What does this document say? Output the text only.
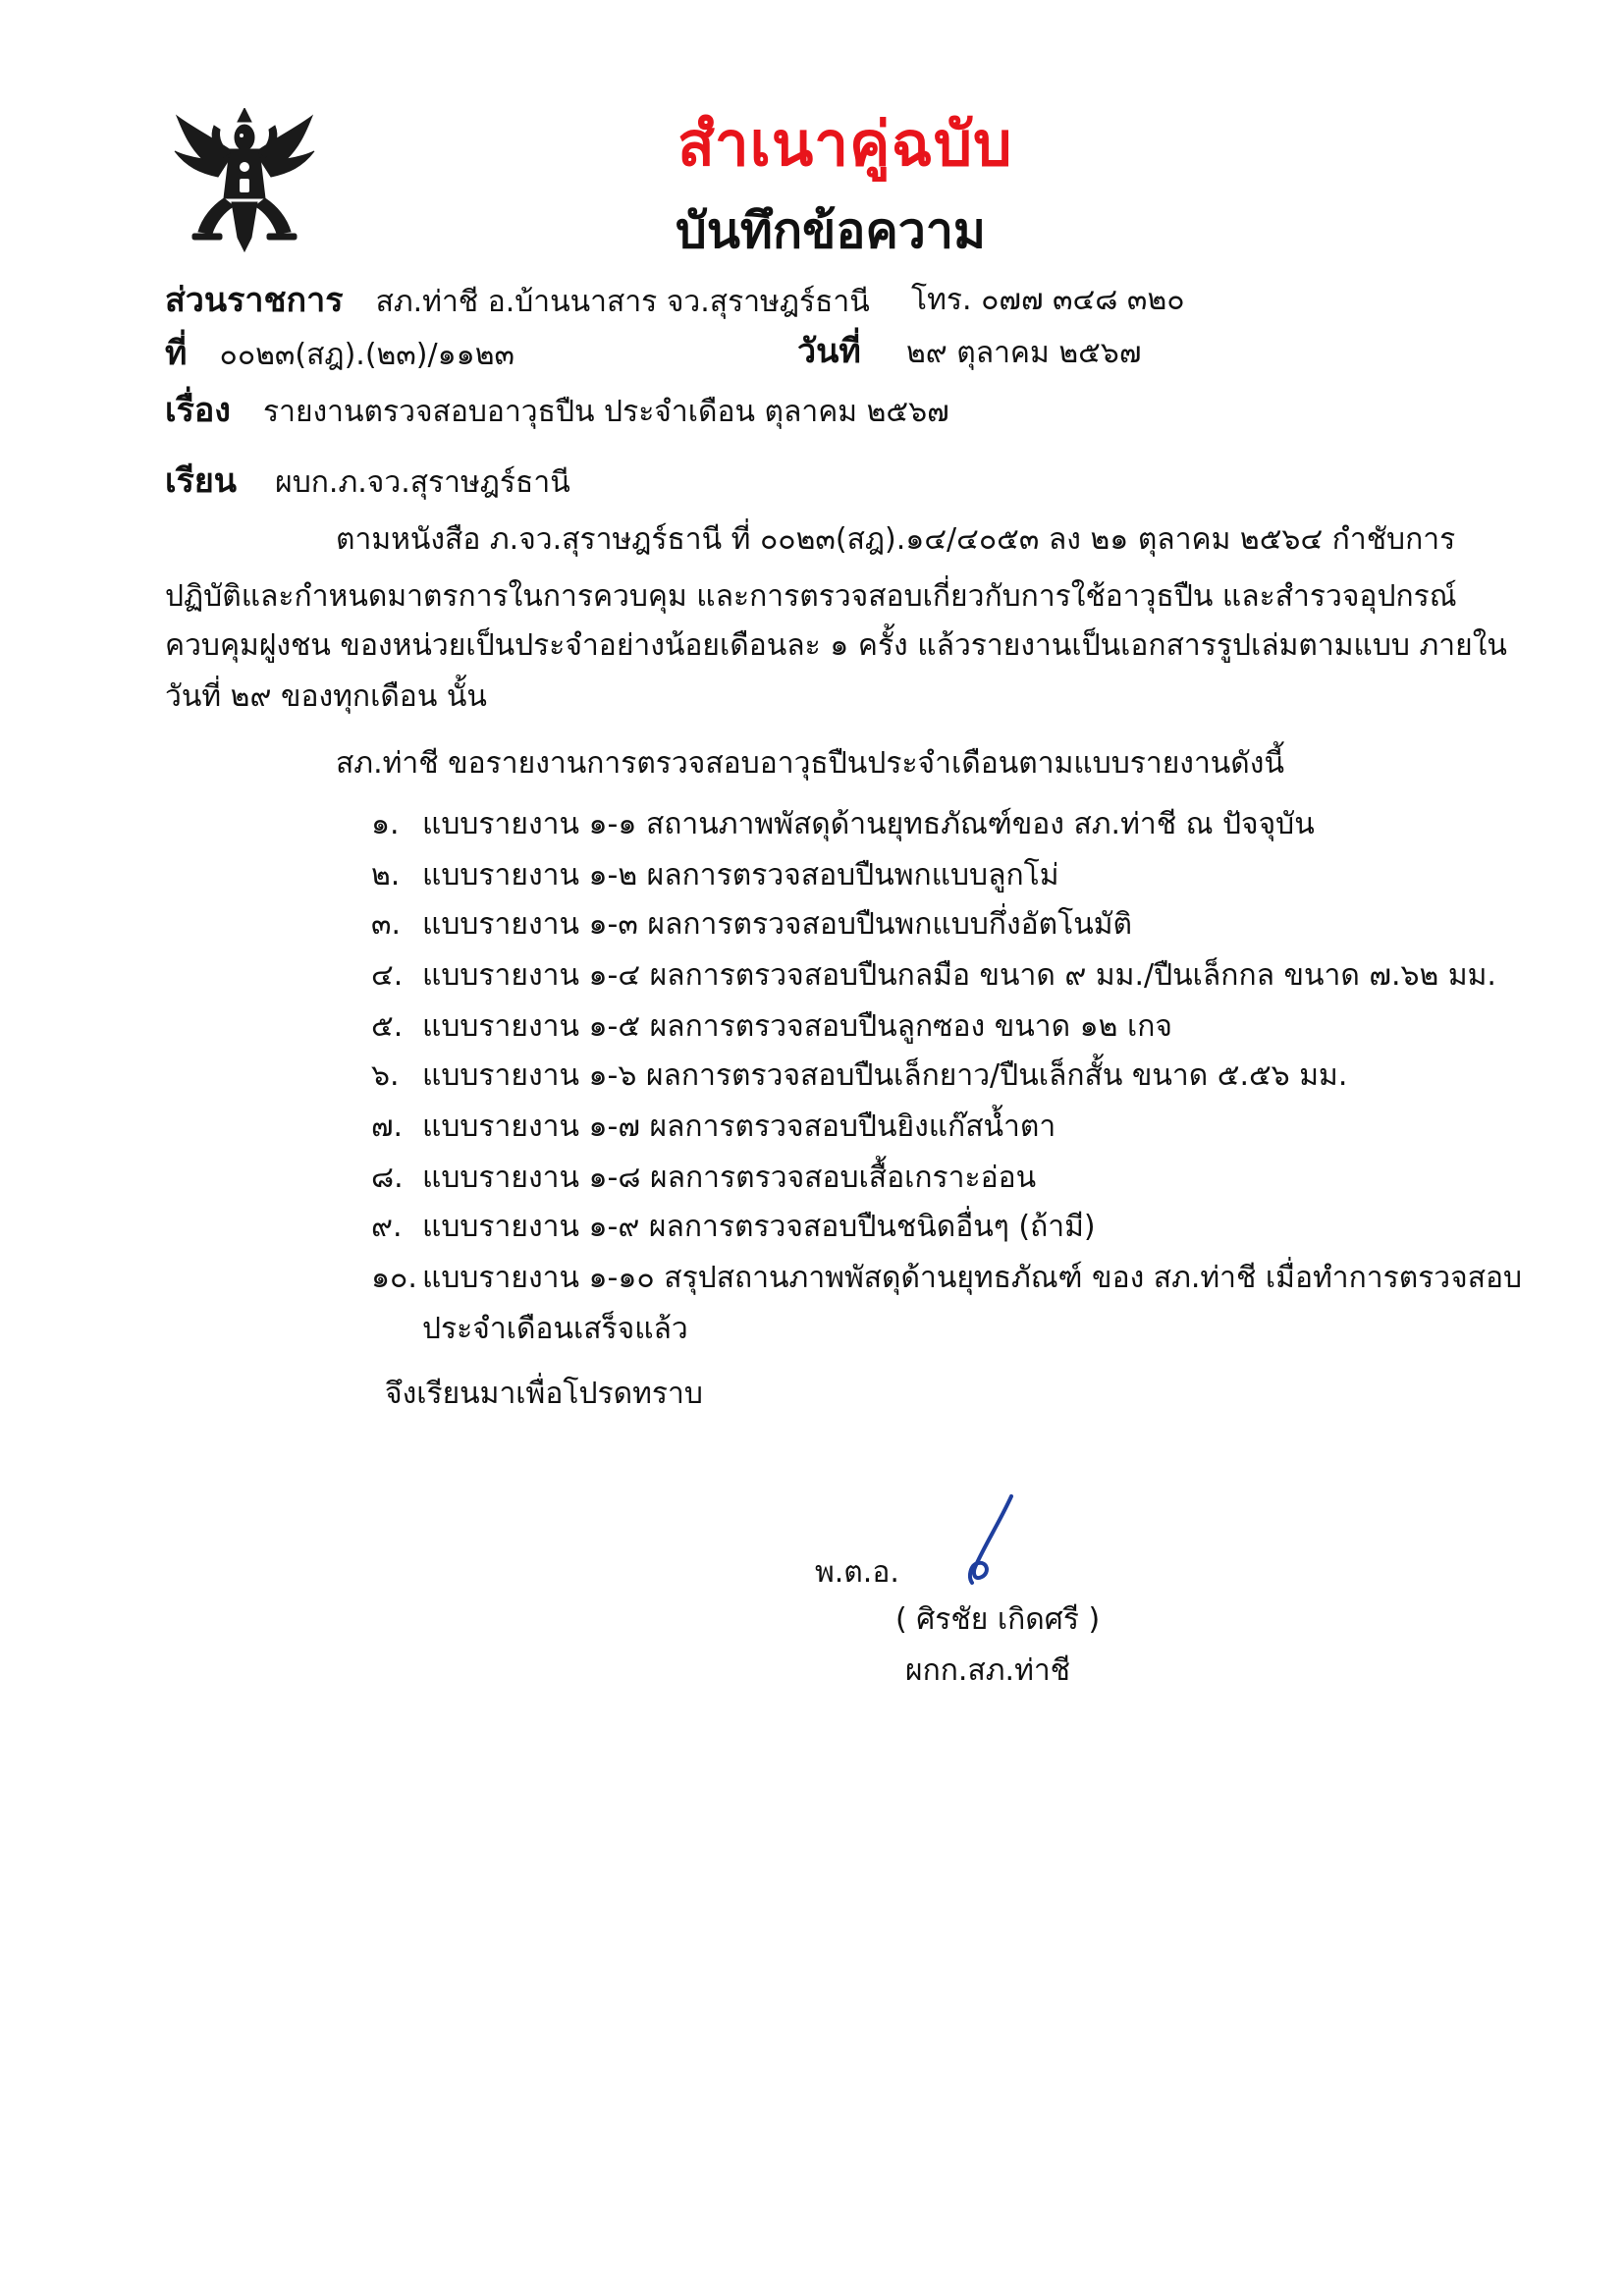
สำเนาคู่ฉบับ
บันทึกข้อความ
ส่วนราชการ สภ.ท่าชี อ.บ้านนาสาร จว.สุราษฎร์ธานี โทร. ๐๗๗ ๓๔๘ ๓๒๐
ที่ ๐๐๒๓(สฎ).(๒๓)/๑๑๒๓	วันที่ ๒๙ ตุลาคม ๒๕๖๗
เรื่อง รายงานตรวจสอบอาวุธปืน ประจำเดือน ตุลาคม ๒๕๖๗
เรียน ผบก.ภ.จว.สุราษฎร์ธานี
ตามหนังสือ ภ.จว.สุราษฎร์ธานี ที่ ๐๐๒๓(สฎ).๑๔/๔๐๕๓ ลง ๒๑ ตุลาคม ๒๕๖๔ กำชับการ
ปฏิบัติและกำหนดมาตรการในการควบคุม และการตรวจสอบเกี่ยวกับการใช้อาวุธปืน และสำรวจอุปกรณ์
ควบคุมฝูงชน ของหน่วยเป็นประจำอย่างน้อยเดือนละ ๑ ครั้ง แล้วรายงานเป็นเอกสารรูปเล่มตามแบบ ภายใน
วันที่ ๒๙ ของทุกเดือน นั้น
สภ.ท่าชี ขอรายงานการตรวจสอบอาวุธปืนประจำเดือนตามแบบรายงานดังนี้
๑. แบบรายงาน ๑-๑ สถานภาพพัสดุด้านยุทธภัณฑ์ของ สภ.ท่าชี ณ ปัจจุบัน
๒. แบบรายงาน ๑-๒ ผลการตรวจสอบปืนพกแบบลูกโม่
๓. แบบรายงาน ๑-๓ ผลการตรวจสอบปืนพกแบบกึ่งอัตโนมัติ
๔. แบบรายงาน ๑-๔ ผลการตรวจสอบปืนกลมือ ขนาด ๙ มม./ปืนเล็กกล ขนาด ๗.๖๒ มม.
๕. แบบรายงาน ๑-๕ ผลการตรวจสอบปืนลูกซอง ขนาด ๑๒ เกจ
๖. แบบรายงาน ๑-๖ ผลการตรวจสอบปืนเล็กยาว/ปืนเล็กสั้น ขนาด ๕.๕๖ มม.
๗. แบบรายงาน ๑-๗ ผลการตรวจสอบปืนยิงแก๊สน้ำตา
๘. แบบรายงาน ๑-๘ ผลการตรวจสอบเสื้อเกราะอ่อน
๙. แบบรายงาน ๑-๙ ผลการตรวจสอบปืนชนิดอื่นๆ (ถ้ามี)
๑๐. แบบรายงาน ๑-๑๐ สรุปสถานภาพพัสดุด้านยุทธภัณฑ์ ของ สภ.ท่าชี เมื่อทำการตรวจสอบ
ประจำเดือนเสร็จแล้ว
จึงเรียนมาเพื่อโปรดทราบ
พ.ต.อ.
( ศิรชัย เกิดศรี )
ผกก.สภ.ท่าชี
